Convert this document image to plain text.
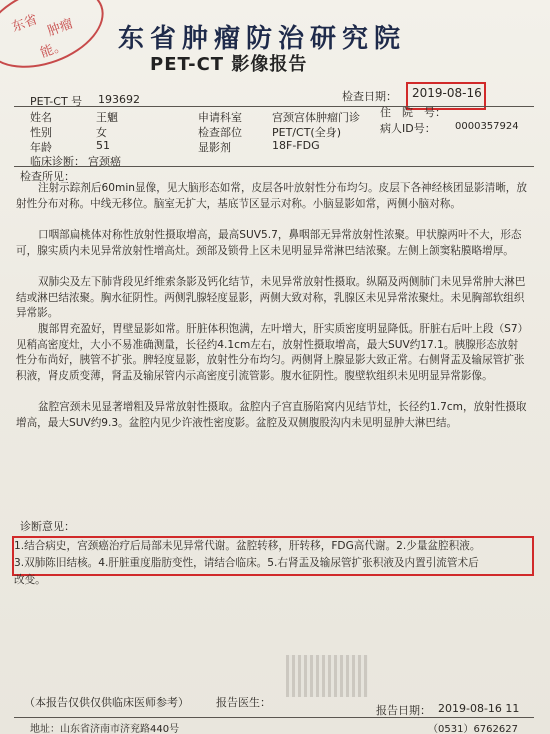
东省 肿瘤
能。 东省肿瘤防治研究院
PET-CT 影像报告
PET-CT 号 193692	检查日期： 2019-08-16
姓名	王魍
性别	女
年龄	51
申请科室	宫颈宫体肿瘤门诊
检查部位	PET/CT(全身)
显影剂	18F-FDG
住　院　号：
病人ID号： 0000357924
临床诊断： 宫颈癌
检查所见：

注射示踪剂后60min显像，见大脑形态如常，皮层各叶放射性分布均匀。皮层下各神经核团显影清晰，放射性分布对称。中线无移位。脑室无扩大，基底节区显示对称。小脑显影如常，两侧小脑对称。

口咽部扁桃体对称性放射性摄取增高，最高SUV5.7，鼻咽部无异常放射性浓聚。甲状腺两叶不大，形态可，腺实质内未见异常放射性增高灶。颈部及锁骨上区未见明显异常淋巴结浓聚。左侧上颌窦粘膜略增厚。

双肺尖及左下肺背段见纤维索条影及钙化结节，未见异常放射性摄取。纵隔及两侧肺门未见异常肿大淋巴结或淋巴结浓聚。胸水征阴性。两侧乳腺轻度显影，两侧大致对称，乳腺区未见异常浓聚灶。未见胸部软组织异常影。

腹部胃充盈好，胃壁显影如常。肝脏体积饱满，左叶增大，肝实质密度明显降低。肝脏右后叶上段（S7）见稍高密度灶，大小不易准确测量，长径约4.1cm左右，放射性摄取增高，最大SUV约17.1。胰腺形态放射性分布尚好，胰管不扩张。脾轻度显影，放射性分布均匀。两侧肾上腺显影大致正常。右侧肾盂及输尿管扩张积液，肾皮质变薄，肾盂及输尿管内示高密度引流管影。腹水征阴性。腹壁软组织未见明显异常影像。

盆腔宫颈未见显著增粗及异常放射性摄取。盆腔内子宫直肠陷窝内见结节灶，长径约1.7cm，放射性摄取增高，最大SUV约9.3。盆腔内见少许液性密度影。盆腔及双侧腹股沟内未见明显肿大淋巴结。

诊断意见：
1.结合病史，宫颈癌治疗后局部未见异常代谢。盆腔转移，肝转移，FDG高代谢。2.少量盆腔积液。
3.双肺陈旧结核。4.肝脏重度脂肪变性，请结合临床。5.右肾盂及输尿管扩张积液及内置引流管术后
改变。
（本报告仅供仅供临床医师参考） 报告医生：
报告日期： 2019-08-16 11
地址：山东省济南市济兖路440号	（0531）6762627
